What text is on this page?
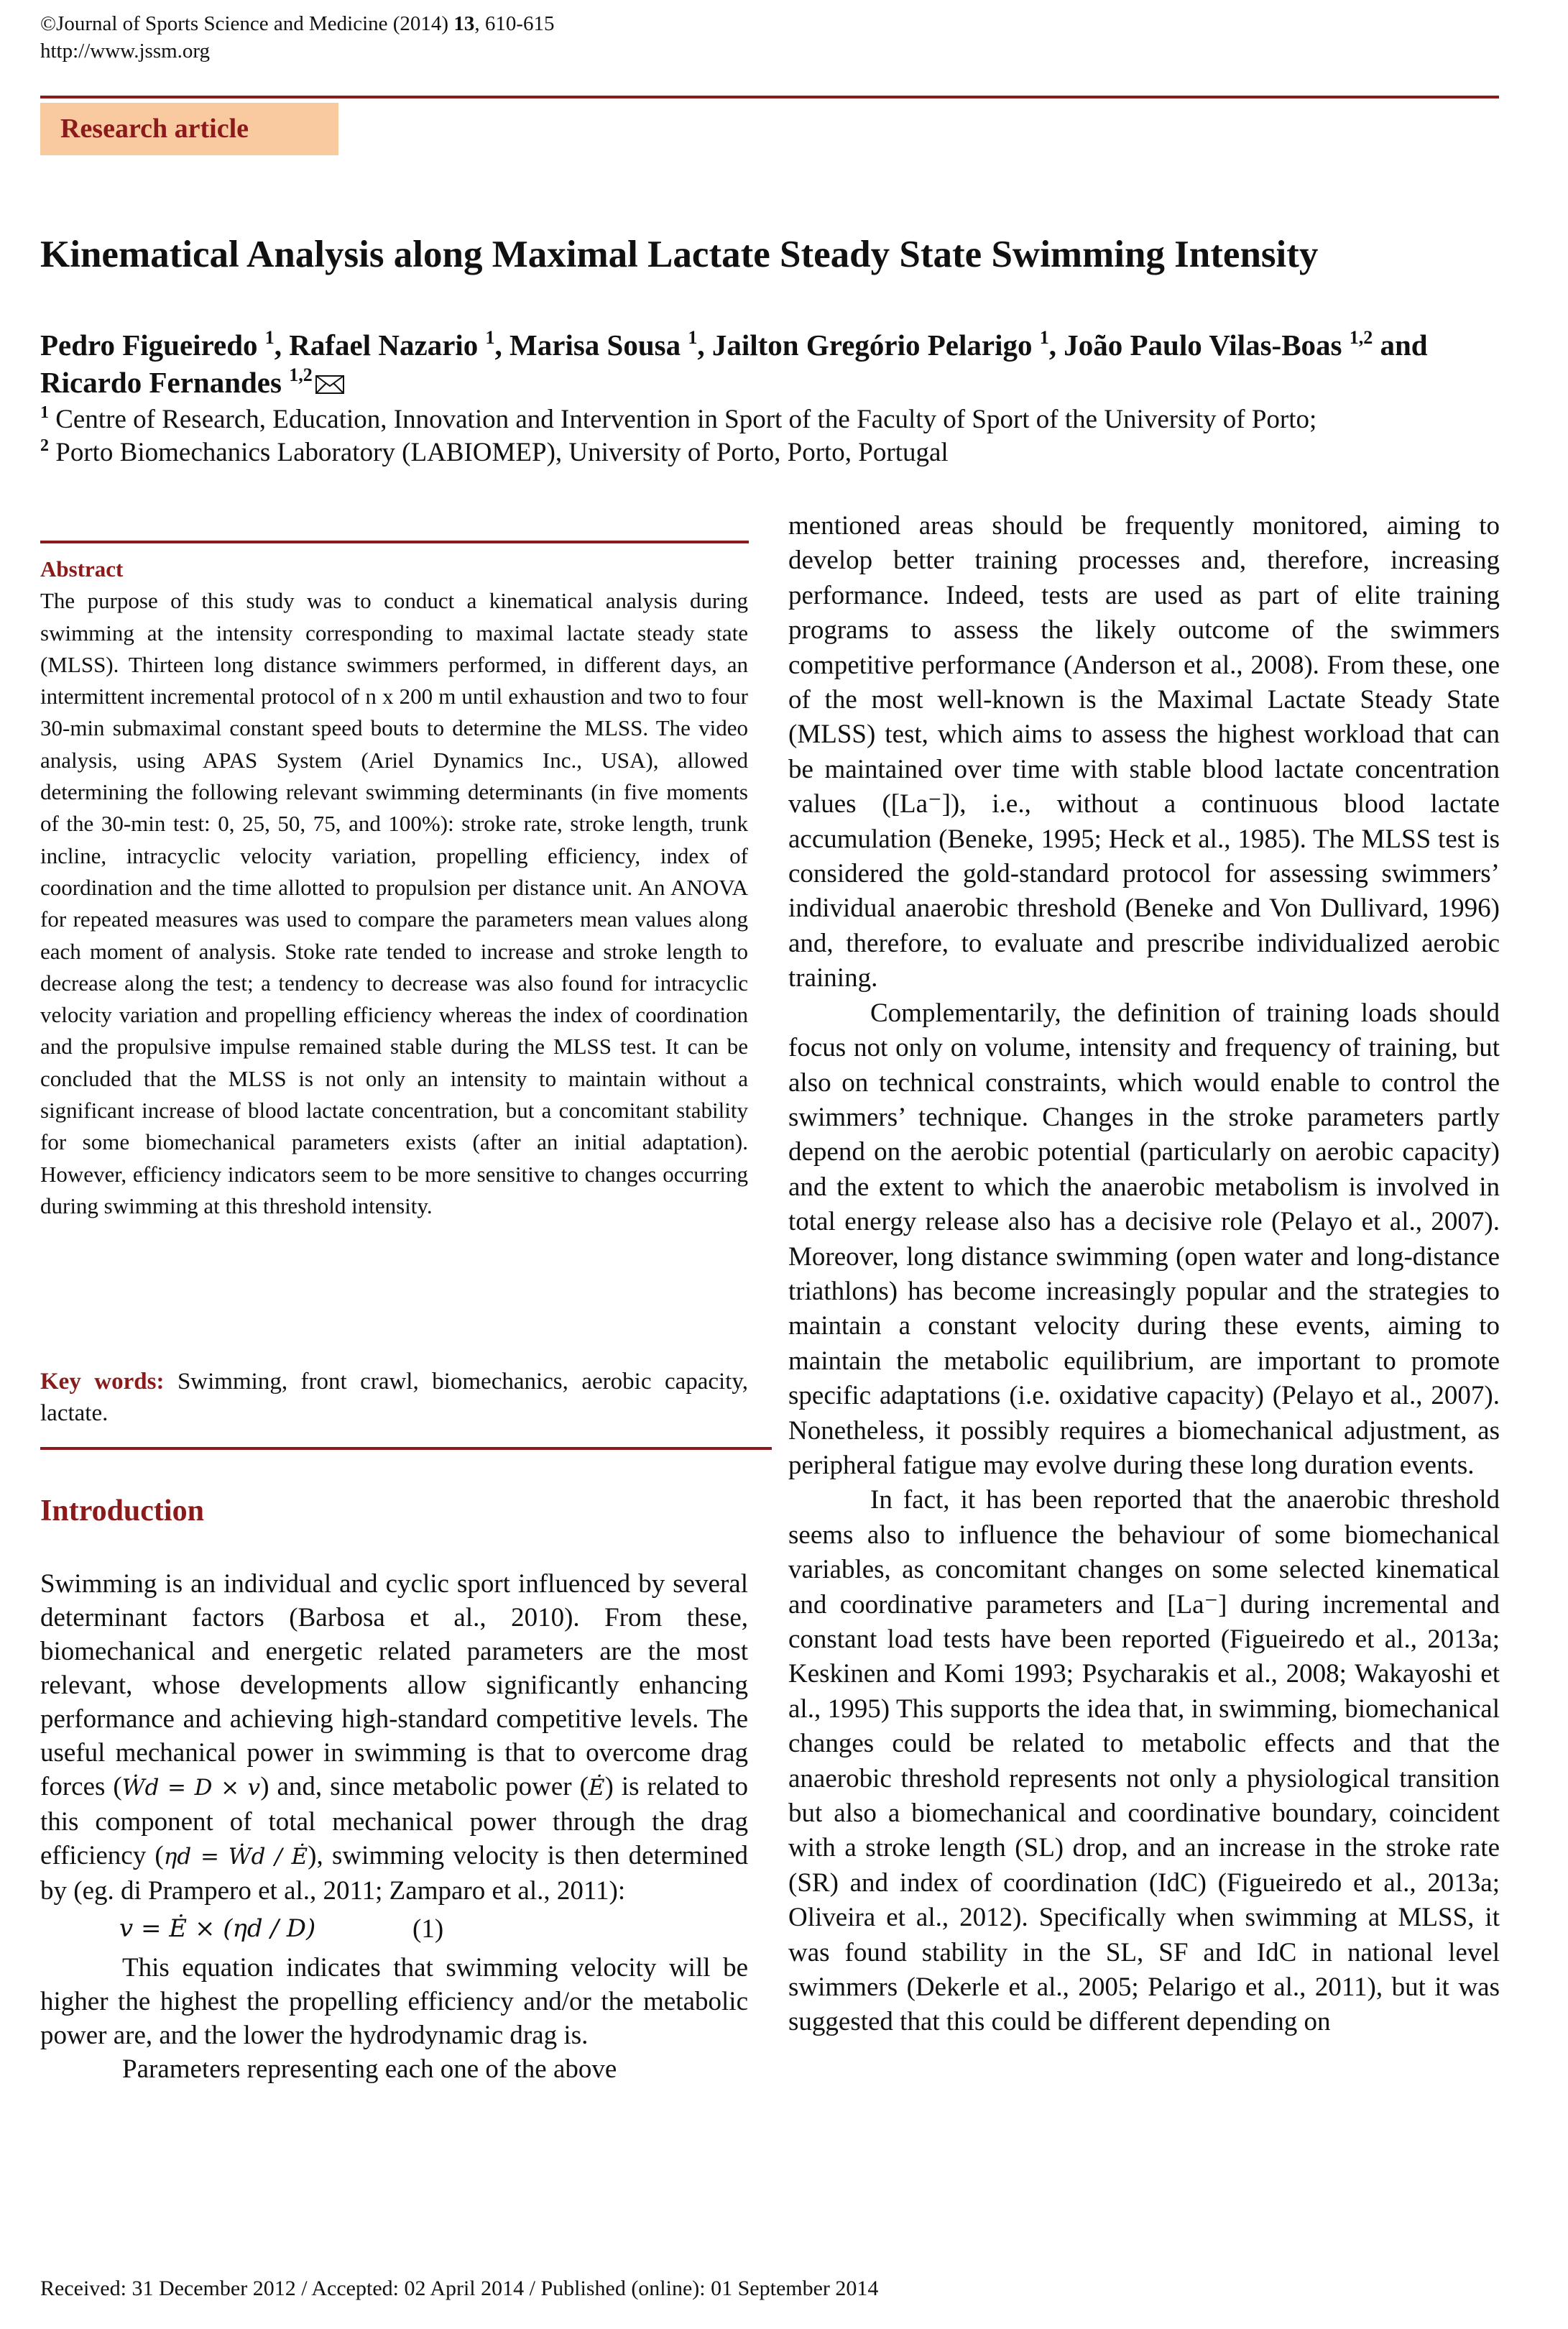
©Journal of Sports Science and Medicine (2014) 13, 610-615
http://www.jssm.org
Research article
Kinematical Analysis along Maximal Lactate Steady State Swimming Intensity
Pedro Figueiredo $^1$, Rafael Nazario $^1$, Marisa Sousa $^1$, Jailton Gregório Pelarigo $^1$, João Paulo Vilas-Boas $^{1,2}$ and Ricardo Fernandes $^{1,2}$
$^1$ Centre of Research, Education, Innovation and Intervention in Sport of the Faculty of Sport of the University of Porto;
$^2$ Porto Biomechanics Laboratory (LABIOMEP), University of Porto, Porto, Portugal
Abstract
The purpose of this study was to conduct a kinematical analysis during swimming at the intensity corresponding to maximal lactate steady state (MLSS). Thirteen long distance swimmers performed, in different days, an intermittent incremental protocol of n x 200 m until exhaustion and two to four 30-min submaximal constant speed bouts to determine the MLSS. The video analysis, using APAS System (Ariel Dynamics Inc., USA), allowed determining the following relevant swimming determinants (in five moments of the 30-min test: 0, 25, 50, 75, and 100%): stroke rate, stroke length, trunk incline, intracyclic velocity variation, propelling efficiency, index of coordination and the time allotted to propulsion per distance unit. An ANOVA for repeated measures was used to compare the parameters mean values along each moment of analysis. Stoke rate tended to increase and stroke length to decrease along the test; a tendency to decrease was also found for intracyclic velocity variation and propelling efficiency whereas the index of coordination and the propulsive impulse remained stable during the MLSS test. It can be concluded that the MLSS is not only an intensity to maintain without a significant increase of blood lactate concentration, but a concomitant stability for some biomechanical parameters exists (after an initial adaptation). However, efficiency indicators seem to be more sensitive to changes occurring during swimming at this threshold intensity.
Key words: Swimming, front crawl, biomechanics, aerobic capacity, lactate.
Introduction
Swimming is an individual and cyclic sport influenced by several determinant factors (Barbosa et al., 2010). From these, biomechanical and energetic related parameters are the most relevant, whose developments allow significantly enhancing performance and achieving high-standard competitive levels. The useful mechanical power in swimming is that to overcome drag forces (Ẇd = D × v) and, since metabolic power (Ė) is related to this component of total mechanical power through the drag efficiency (ηd = Ẇd / Ė), swimming velocity is then determined by (eg. di Prampero et al., 2011; Zamparo et al., 2011):
v = Ė × (ηd / D)	(1)
This equation indicates that swimming velocity will be higher the highest the propelling efficiency and/or the metabolic power are, and the lower the hydrodynamic drag is.
Parameters representing each one of the above

mentioned areas should be frequently monitored, aiming to develop better training processes and, therefore, increasing performance. Indeed, tests are used as part of elite training programs to assess the likely outcome of the swimmers competitive performance (Anderson et al., 2008). From these, one of the most well-known is the Maximal Lactate Steady State (MLSS) test, which aims to assess the highest workload that can be maintained over time with stable blood lactate concentration values ([La⁻]), i.e., without a continuous blood lactate accumulation (Beneke, 1995; Heck et al., 1985). The MLSS test is considered the gold-standard protocol for assessing swimmers’ individual anaerobic threshold (Beneke and Von Dullivard, 1996) and, therefore, to evaluate and prescribe individualized aerobic training.

Complementarily, the definition of training loads should focus not only on volume, intensity and frequency of training, but also on technical constraints, which would enable to control the swimmers’ technique. Changes in the stroke parameters partly depend on the aerobic potential (particularly on aerobic capacity) and the extent to which the anaerobic metabolism is involved in total energy release also has a decisive role (Pelayo et al., 2007). Moreover, long distance swimming (open water and long-distance triathlons) has become increasingly popular and the strategies to maintain a constant velocity during these events, aiming to maintain the metabolic equilibrium, are important to promote specific adaptations (i.e. oxidative capacity) (Pelayo et al., 2007). Nonetheless, it possibly requires a biomechanical adjustment, as peripheral fatigue may evolve during these long duration events.

In fact, it has been reported that the anaerobic threshold seems also to influence the behaviour of some biomechanical variables, as concomitant changes on some selected kinematical and coordinative parameters and [La⁻] during incremental and constant load tests have been reported (Figueiredo et al., 2013a; Keskinen and Komi 1993; Psycharakis et al., 2008; Wakayoshi et al., 1995) This supports the idea that, in swimming, biomechanical changes could be related to metabolic effects and that the anaerobic threshold represents not only a physiological transition but also a biomechanical and coordinative boundary, coincident with a stroke length (SL) drop, and an increase in the stroke rate (SR) and index of coordination (IdC) (Figueiredo et al., 2013a; Oliveira et al., 2012). Specifically when swimming at MLSS, it was found stability in the SL, SF and IdC in national level swimmers (Dekerle et al., 2005; Pelarigo et al., 2011), but it was suggested that this could be different depending on

Received: 31 December 2012 / Accepted: 02 April 2014 / Published (online): 01 September 2014
